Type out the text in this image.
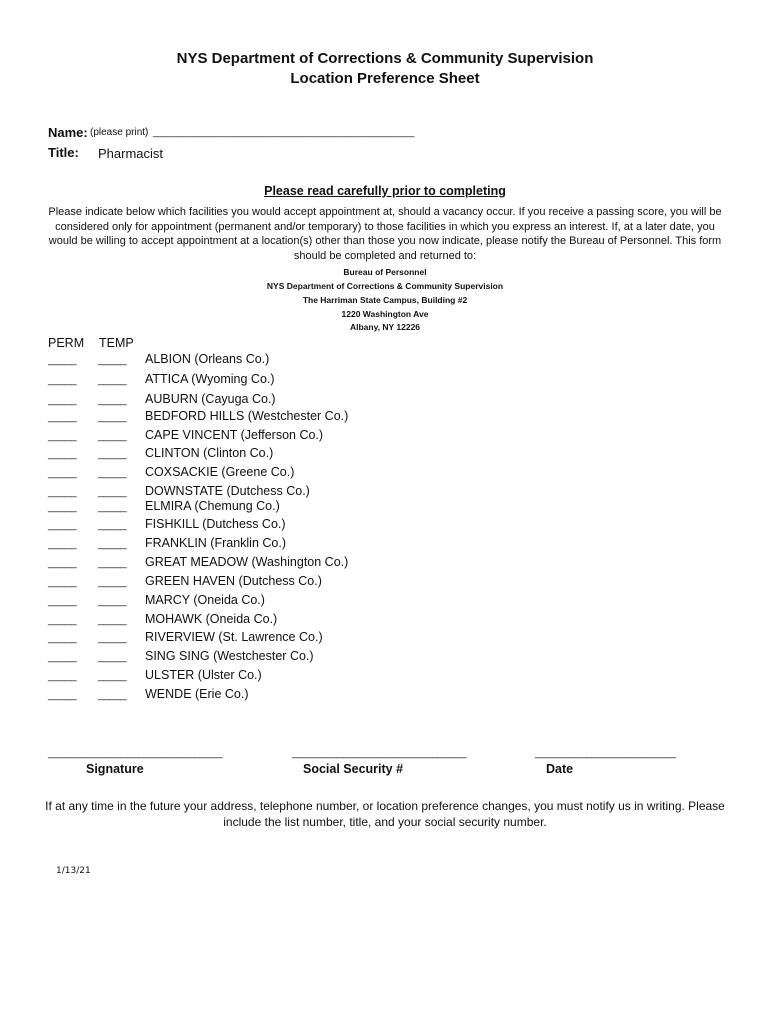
NYS Department of Corrections & Community Supervision
Location Preference Sheet
Name: (please print) _______________________________________________
Title: Pharmacist
Please read carefully prior to completing
Please indicate below which facilities you would accept appointment at, should a vacancy occur. If you receive a passing score, you will be considered only for appointment (permanent and/or temporary) to those facilities in which you express an interest. If, at a later date, you would be willing to accept appointment at a location(s) other than those you now indicate, please notify the Bureau of Personnel. This form should be completed and returned to:
Bureau of Personnel
NYS Department of Corrections & Community Supervision
The Harriman State Campus, Building #2
1220 Washington Ave
Albany, NY 12226
PERM TEMP
_____ _____ ALBION (Orleans Co.)
_____ _____ ATTICA (Wyoming Co.)
_____ _____ AUBURN (Cayuga Co.)
_____ _____ BEDFORD HILLS (Westchester Co.)
_____ _____ CAPE VINCENT (Jefferson Co.)
_____ _____ CLINTON (Clinton Co.)
_____ _____ COXSACKIE (Greene Co.)
_____ _____ DOWNSTATE (Dutchess Co.)
_____ _____ ELMIRA (Chemung Co.)
_____ _____ FISHKILL (Dutchess Co.)
_____ _____ FRANKLIN (Franklin Co.)
_____ _____ GREAT MEADOW (Washington Co.)
_____ _____ GREEN HAVEN (Dutchess Co.)
_____ _____ MARCY (Oneida Co.)
_____ _____ MOHAWK (Oneida Co.)
_____ _____ RIVERVIEW (St. Lawrence Co.)
_____ _____ SING SING (Westchester Co.)
_____ _____ ULSTER (Ulster Co.)
_____ _____ WENDE (Erie Co.)
_______________________________	_______________________________	_________________________
Signature	Social Security #	Date
If at any time in the future your address, telephone number, or location preference changes, you must notify us in writing. Please include the list number, title, and your social security number.
1/13/21
